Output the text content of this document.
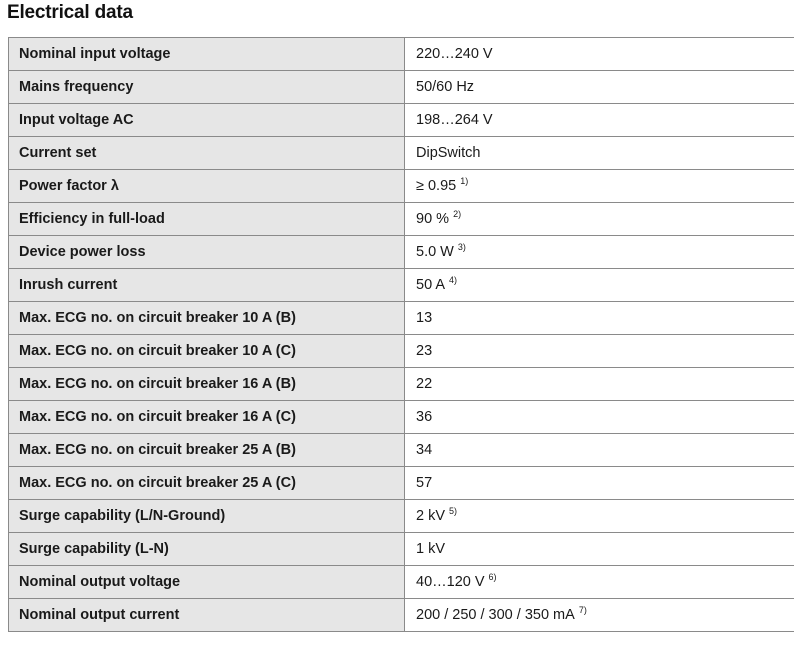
Electrical data
Nominal input voltage	220…240 V
Mains frequency	50/60 Hz
Input voltage AC	198…264 V
Current set	DipSwitch
Power factor λ	≥ 0.95 $^{1)}$
Efficiency in full-load	90 % $^{2)}$
Device power loss	5.0 W $^{3)}$
Inrush current	50 A $^{4)}$
Max. ECG no. on circuit breaker 10 A (B)	13
Max. ECG no. on circuit breaker 10 A (C)	23
Max. ECG no. on circuit breaker 16 A (B)	22
Max. ECG no. on circuit breaker 16 A (C)	36
Max. ECG no. on circuit breaker 25 A (B)	34
Max. ECG no. on circuit breaker 25 A (C)	57
Surge capability (L/N-Ground)	2 kV $^{5)}$
Surge capability (L-N)	1 kV
Nominal output voltage	40…120 V $^{6)}$
Nominal output current	200 / 250 / 300 / 350 mA $^{7)}$
